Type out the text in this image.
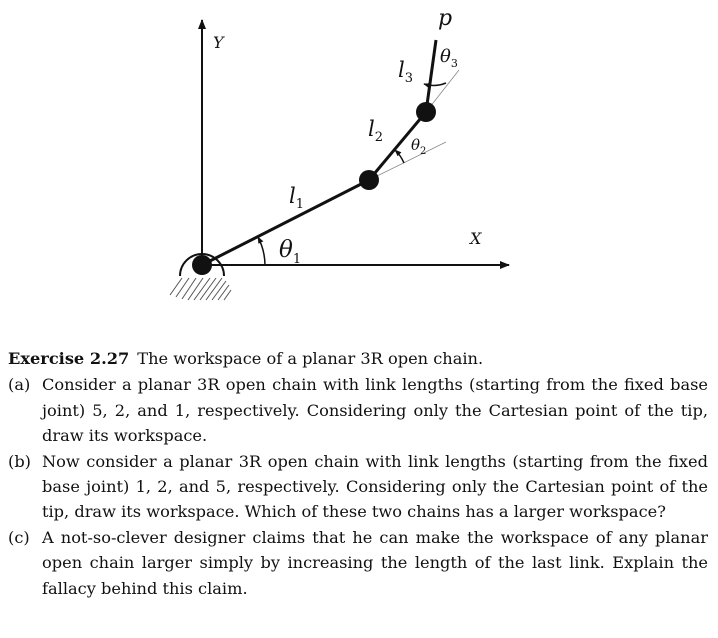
Y
X
$l_1$
$l_2$
$l_3$
$\theta_1$
$\theta_2$
$\theta_3$
p
Exercise 2.27 The workspace of a planar 3R open chain.
(a) Consider a planar 3R open chain with link lengths (starting from the fixed base joint) 5, 2, and 1, respectively. Considering only the Cartesian point of the tip, draw its workspace.
(b) Now consider a planar 3R open chain with link lengths (starting from the fixed base joint) 1, 2, and 5, respectively. Considering only the Cartesian point of the tip, draw its workspace. Which of these two chains has a larger workspace?
(c) A not-so-clever designer claims that he can make the workspace of any planar open chain larger simply by increasing the length of the last link. Explain the fallacy behind this claim.
